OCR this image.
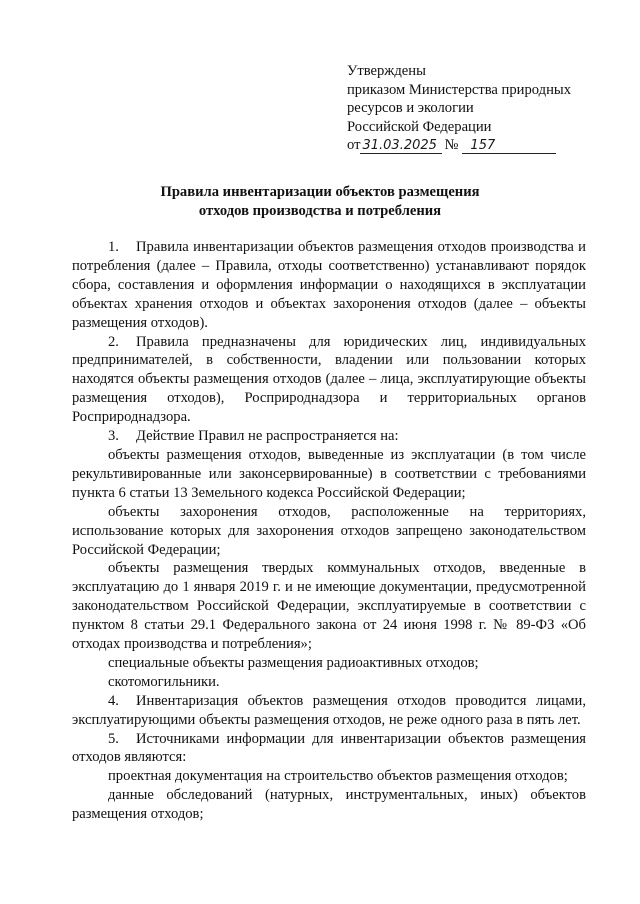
Утверждены
приказом Министерства природных
ресурсов и экологии
Российской Федерации
от 31.03.2025 № 157
Правила инвентаризации объектов размещения
отходов производства и потребления

1. Правила инвентаризации объектов размещения отходов производства и потребления (далее – Правила, отходы соответственно) устанавливают порядок сбора, составления и оформления информации о находящихся в эксплуатации объектах хранения отходов и объектах захоронения отходов (далее – объекты размещения отходов).

2. Правила предназначены для юридических лиц, индивидуальных предпринимателей, в собственности, владении или пользовании которых находятся объекты размещения отходов (далее – лица, эксплуатирующие объекты размещения отходов), Росприроднадзора и территориальных органов Росприроднадзора.

3. Действие Правил не распространяется на:

объекты размещения отходов, выведенные из эксплуатации (в том числе рекультивированные или законсервированные) в соответствии с требованиями пункта 6 статьи 13 Земельного кодекса Российской Федерации;

объекты захоронения отходов, расположенные на территориях, использование которых для захоронения отходов запрещено законодательством Российской Федерации;

объекты размещения твердых коммунальных отходов, введенные в эксплуатацию до 1 января 2019 г. и не имеющие документации, предусмотренной законодательством Российской Федерации, эксплуатируемые в соответствии с пунктом 8 статьи 29.1 Федерального закона от 24 июня 1998 г. № 89-ФЗ «Об отходах производства и потребления»;

специальные объекты размещения радиоактивных отходов;

скотомогильники.

4. Инвентаризация объектов размещения отходов проводится лицами, эксплуатирующими объекты размещения отходов, не реже одного раза в пять лет.

5. Источниками информации для инвентаризации объектов размещения отходов являются:

проектная документация на строительство объектов размещения отходов;

данные обследований (натурных, инструментальных, иных) объектов размещения отходов;
